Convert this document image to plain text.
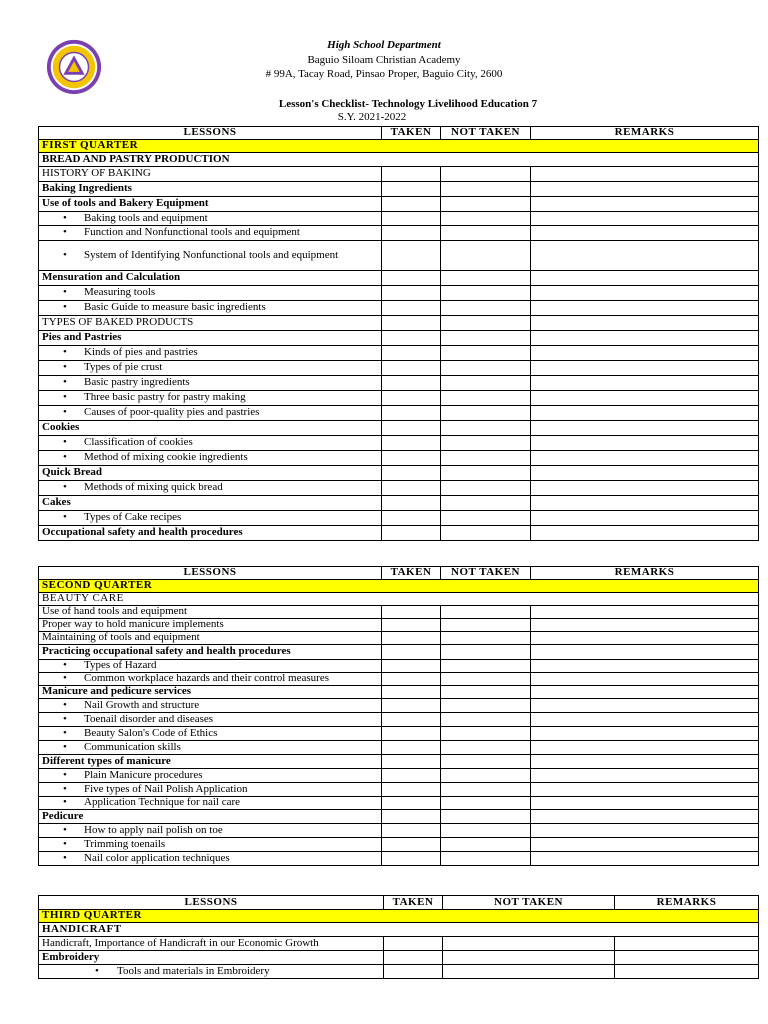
High School Department
Baguio Siloam Christian Academy
# 99A, Tacay Road, Pinsao Proper, Baguio City, 2600
Lesson's Checklist- Technology Livelihood Education 7
S.Y. 2021-2022
LESSONS	TAKEN	NOT TAKEN	REMARKS
FIRST QUARTER			
BREAD AND PASTRY PRODUCTION			
HISTORY OF BAKING			
Baking Ingredients			
Use of tools and Bakery Equipment			
• Baking tools and equipment			
• Function and Nonfunctional tools and equipment			
• System of Identifying Nonfunctional tools and equipment			
Mensuration and Calculation			
• Measuring tools			
• Basic Guide to measure basic ingredients			
TYPES OF BAKED PRODUCTS			
Pies and Pastries			
• Kinds of pies and pastries			
• Types of pie crust			
• Basic pastry ingredients			
• Three basic pastry for pastry making			
• Causes of poor-quality pies and pastries			
Cookies			
• Classification of cookies			
• Method of mixing cookie ingredients			
Quick Bread			
• Methods of mixing quick bread			
Cakes			
• Types of Cake recipes			
Occupational safety and health procedures			
LESSONS	TAKEN	NOT TAKEN	REMARKS
SECOND QUARTER			
BEAUTY CARE			
Use of hand tools and equipment			
Proper way to hold manicure implements			
Maintaining of tools and equipment			
Practicing occupational safety and health procedures			
• Types of Hazard			
• Common workplace hazards and their control measures			
Manicure and pedicure services			
• Nail Growth and structure			
• Toenail disorder and diseases			
• Beauty Salon's Code of Ethics			
• Communication skills			
Different types of manicure			
• Plain Manicure procedures			
• Five types of Nail Polish Application			
• Application Technique for nail care			
Pedicure			
• How to apply nail polish on toe			
• Trimming toenails			
• Nail color application techniques			
LESSONS	TAKEN	NOT TAKEN	REMARKS
THIRD QUARTER			
HANDICRAFT			
Handicraft, Importance of Handicraft in our Economic Growth			
Embroidery			
• Tools and materials in Embroidery			
